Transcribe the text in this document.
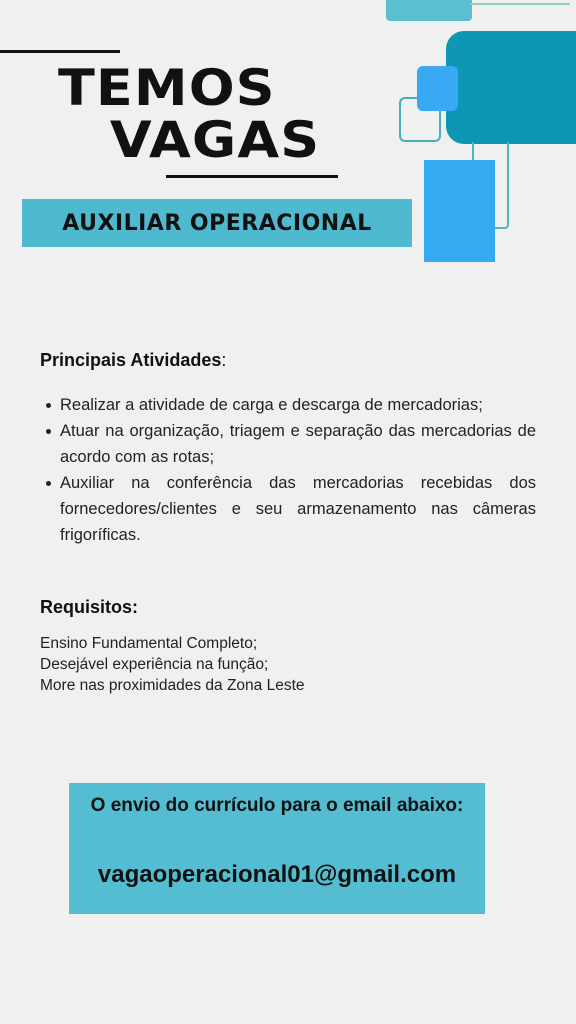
TEMOS
VAGAS
AUXILIAR OPERACIONAL

Principais Atividades:

Realizar a atividade de carga e descarga de mercadorias;
Atuar na organização, triagem e separação das mercadorias de acordo com as rotas;
Auxiliar na conferência das mercadorias recebidas dos fornecedores/clientes e seu armazenamento nas câmeras frigoríficas.

Requisitos:

Ensino Fundamental Completo;
Desejável experiência na função;
More nas proximidades da Zona Leste
O envio do currículo para o email abaixo:
vagaoperacional01@gmail.com
